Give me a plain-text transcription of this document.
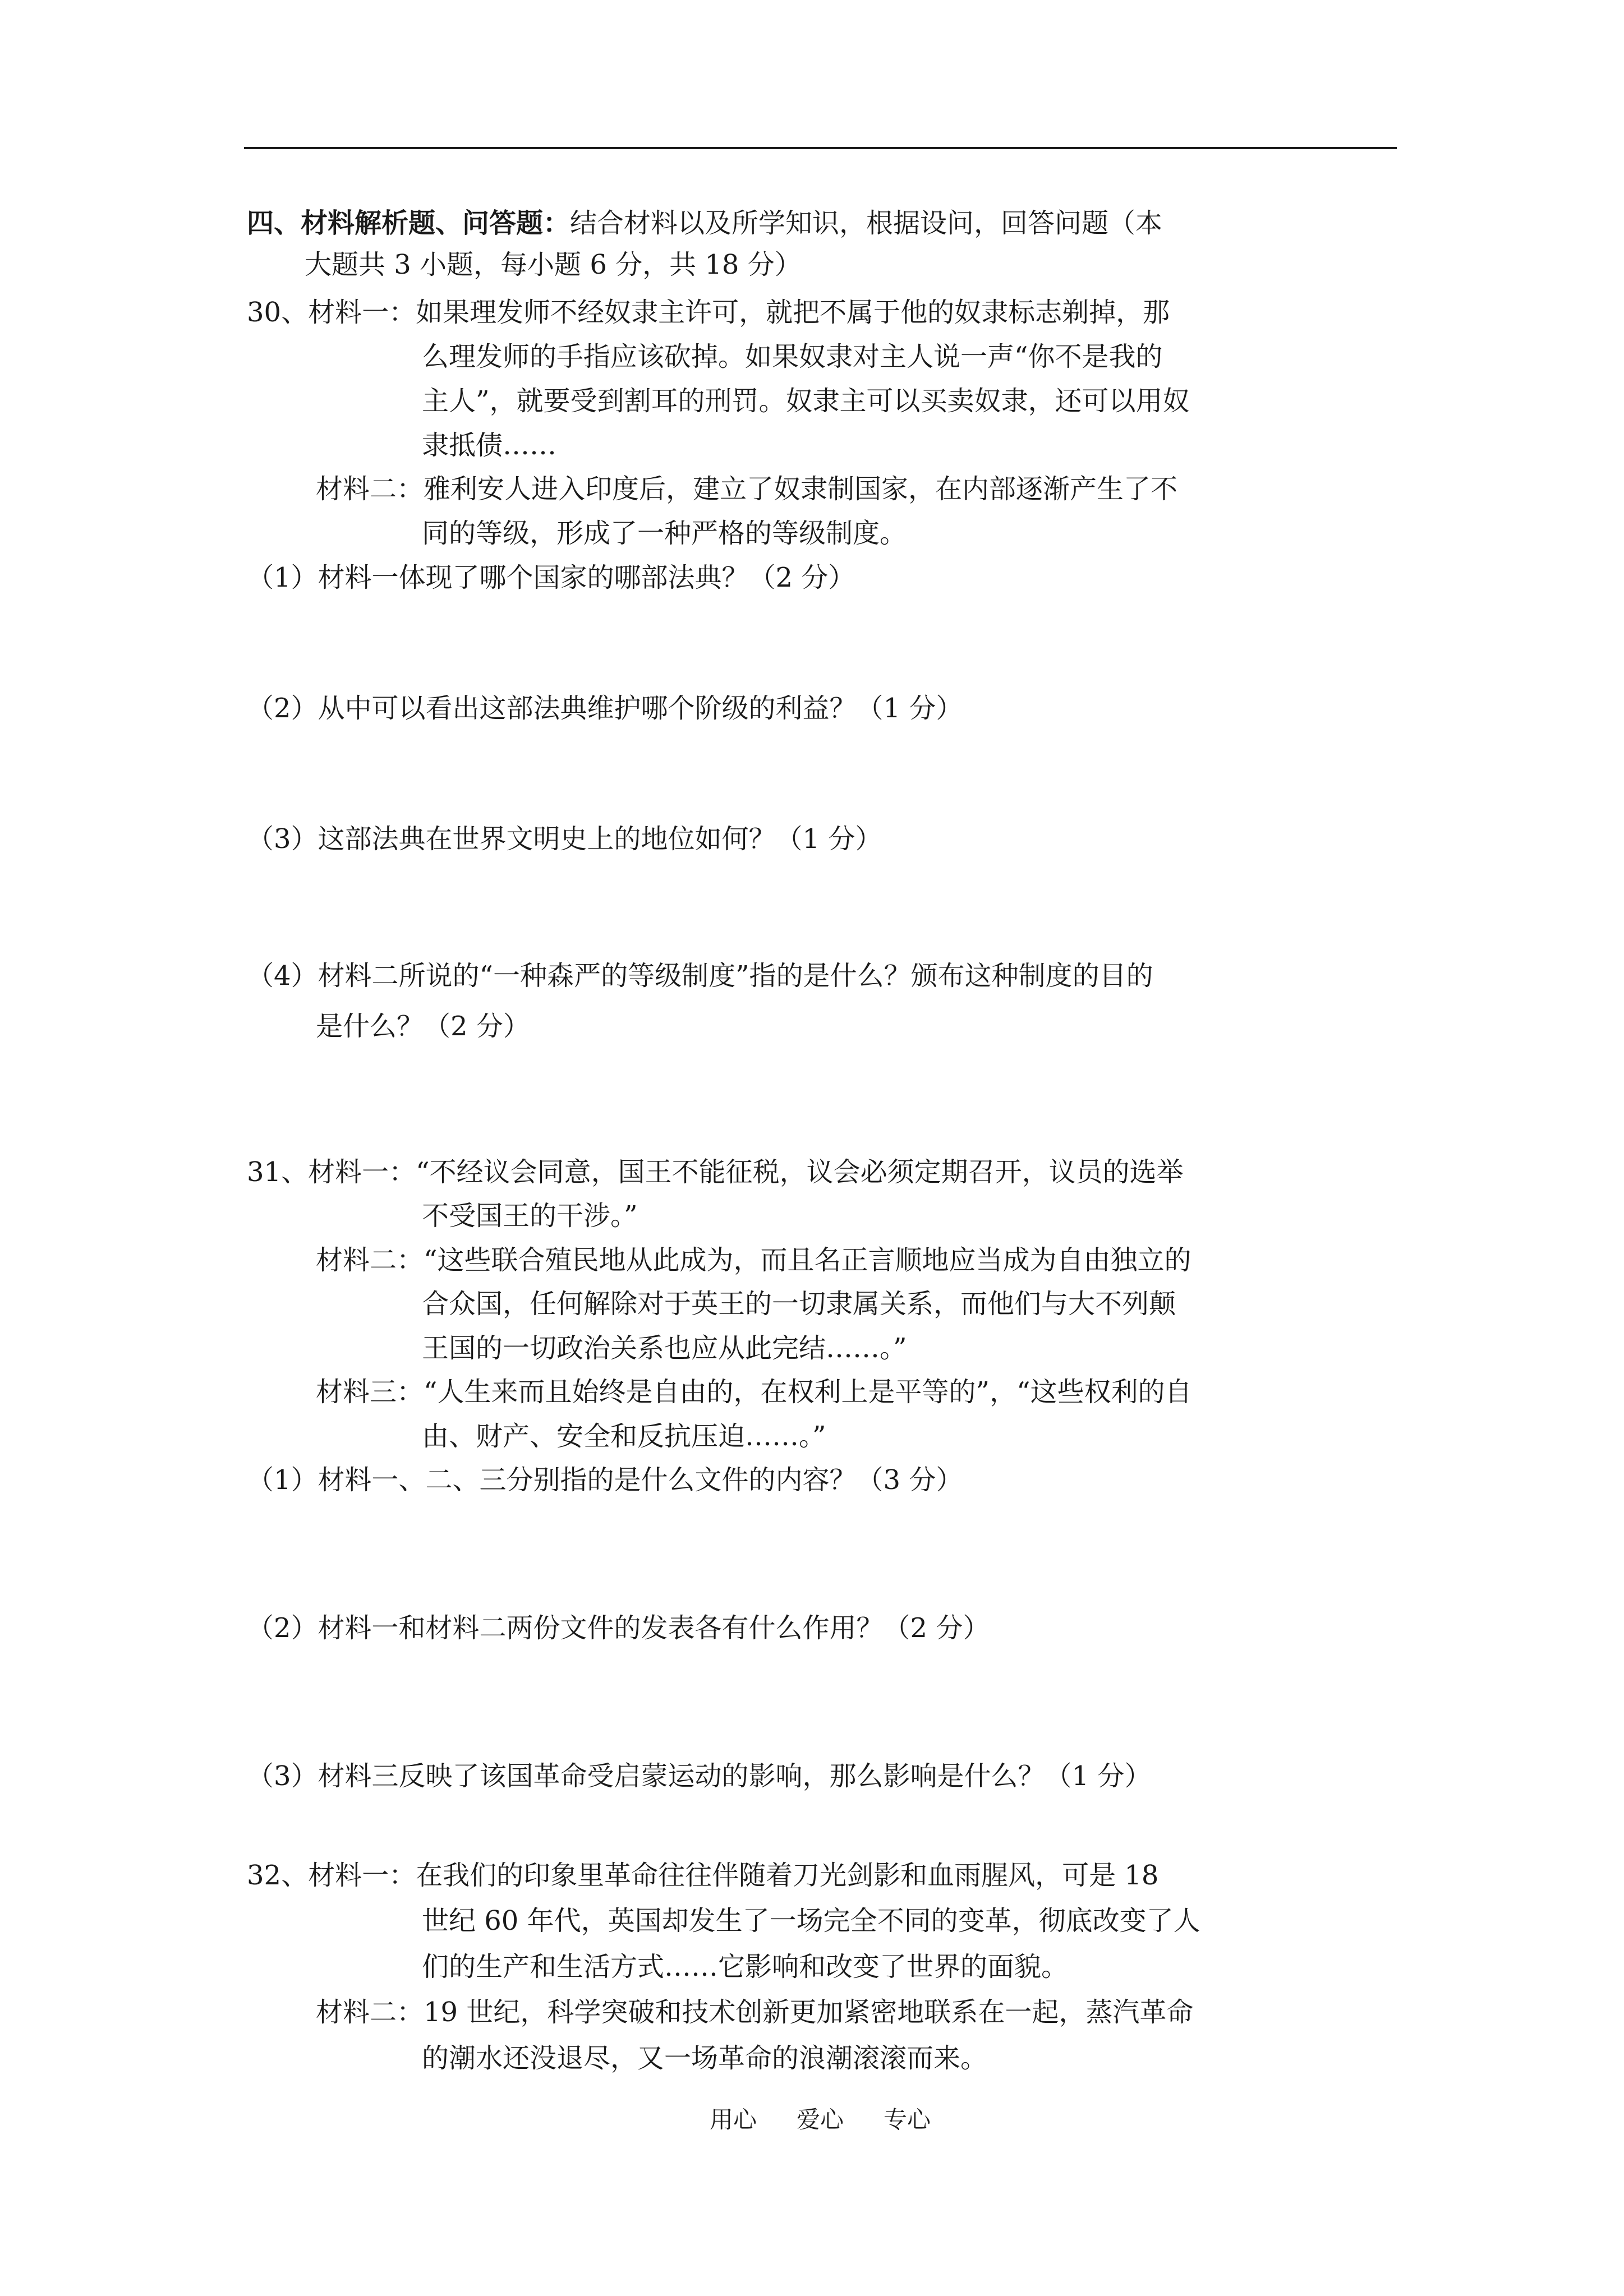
四、材料解析题、问答题：结合材料以及所学知识，根据设问，回答问题（本
大题共 3 小题，每小题 6 分，共 18 分）
30、材料一：如果理发师不经奴隶主许可，就把不属于他的奴隶标志剃掉，那
么理发师的手指应该砍掉。如果奴隶对主人说一声“你不是我的
主人”，就要受到割耳的刑罚。奴隶主可以买卖奴隶，还可以用奴
隶抵债……
材料二：雅利安人进入印度后，建立了奴隶制国家，在内部逐渐产生了不
同的等级，形成了一种严格的等级制度。
（1）材料一体现了哪个国家的哪部法典？（2 分）
（2）从中可以看出这部法典维护哪个阶级的利益？（1 分）
（3）这部法典在世界文明史上的地位如何？（1 分）
（4）材料二所说的“一种森严的等级制度”指的是什么？颁布这种制度的目的
是什么？（2 分）
31、材料一：“不经议会同意，国王不能征税，议会必须定期召开，议员的选举
不受国王的干涉。”
材料二：“这些联合殖民地从此成为，而且名正言顺地应当成为自由独立的
合众国，任何解除对于英王的一切隶属关系，而他们与大不列颠
王国的一切政治关系也应从此完结……。”
材料三：“人生来而且始终是自由的，在权利上是平等的”，“这些权利的自
由、财产、安全和反抗压迫……。”
（1）材料一、二、三分别指的是什么文件的内容？（3 分）
（2）材料一和材料二两份文件的发表各有什么作用？（2 分）
（3）材料三反映了该国革命受启蒙运动的影响，那么影响是什么？（1 分）
32、材料一：在我们的印象里革命往往伴随着刀光剑影和血雨腥风，可是 18
世纪 60 年代，英国却发生了一场完全不同的变革，彻底改变了人
们的生产和生活方式……它影响和改变了世界的面貌。
材料二：19 世纪，科学突破和技术创新更加紧密地联系在一起，蒸汽革命
的潮水还没退尽，又一场革命的浪潮滚滚而来。
用心 爱心 专心
